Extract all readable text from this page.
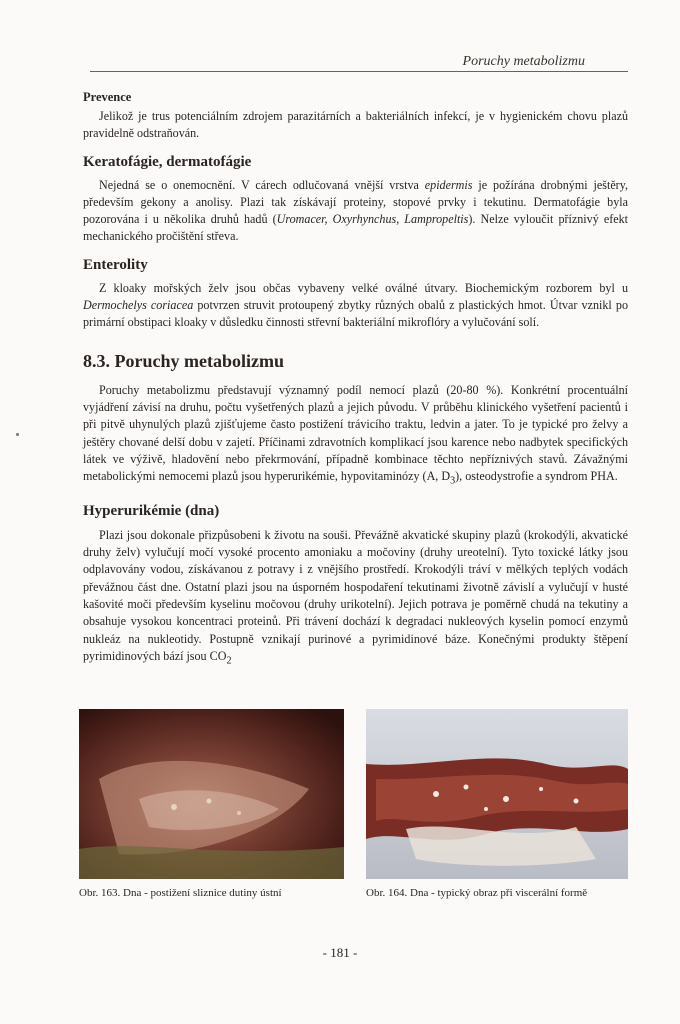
Poruchy metabolizmu
Prevence

Jelikož je trus potenciálním zdrojem parazitárních a bakteriálních infekcí, je v hygienickém chovu plazů pravidelně odstraňován.

Keratofágie, dermatofágie

Nejedná se o onemocnění. V cárech odlučovaná vnější vrstva epidermis je požírána drobnými ještěry, především gekony a anolisy. Plazi tak získávají proteiny, stopové prvky i tekutinu. Dermatofágie byla pozorována i u několika druhů hadů (Uromacer, Oxyrhynchus, Lampropeltis). Nelze vyloučit příznivý efekt mechanického pročištění střeva.

Enterolity

Z kloaky mořských želv jsou občas vybaveny velké oválné útvary. Biochemickým rozborem byl u Dermochelys coriacea potvrzen struvit protoupený zbytky různých obalů z plastických hmot. Útvar vznikl po primární obstipaci kloaky v důsledku činnosti střevní bakteriální mikroflóry a vylučování solí.

8.3. Poruchy metabolizmu

Poruchy metabolizmu představují významný podíl nemocí plazů (20-80 %). Konkrétní procentuální vyjádření závisí na druhu, počtu vyšetřených plazů a jejich původu. V průběhu klinického vyšetření pacientů i při pitvě uhynulých plazů zjišťujeme často postižení trávicího traktu, ledvin a jater. To je typické pro želvy a ještěry chované delší dobu v zajetí. Příčinami zdravotních komplikací jsou karence nebo nadbytek specifických látek ve výživě, hladovění nebo překrmování, případně kombinace těchto nepříznivých stavů. Závažnými metabolickými nemocemi plazů jsou hyperurikémie, hypovitaminózy (A, $D_3$), osteodystrofie a syndrom PHA.

Hyperurikémie (dna)

Plazi jsou dokonale přizpůsobeni k životu na souši. Převážně akvatické skupiny plazů (krokodýli, akvatické druhy želv) vylučují močí vysoké procento amoniaku a močoviny (druhy ureotelní). Tyto toxické látky jsou odplavovány vodou, získávanou z potravy i z vnějšího prostředí. Krokodýli tráví v mělkých teplých vodách převážnou část dne. Ostatní plazi jsou na úsporném hospodaření tekutinami životně závislí a vylučují v husté kašovité moči především kyselinu močovou (druhy urikotelní). Jejich potrava je poměrně chudá na tekutiny a obsahuje vysokou koncentraci proteinů. Při trávení dochází k degradaci nukleových kyselin pomocí enzymů nukleáz na nukleotidy. Postupně vznikají purinové a pyrimidinové báze. Konečnými produkty štěpení pyrimidinových bází jsou $CO_2$

Obr. 163. Dna - postižení sliznice dutiny ústní	Obr. 164. Dna - typický obraz při viscerální formě
- 181 -
